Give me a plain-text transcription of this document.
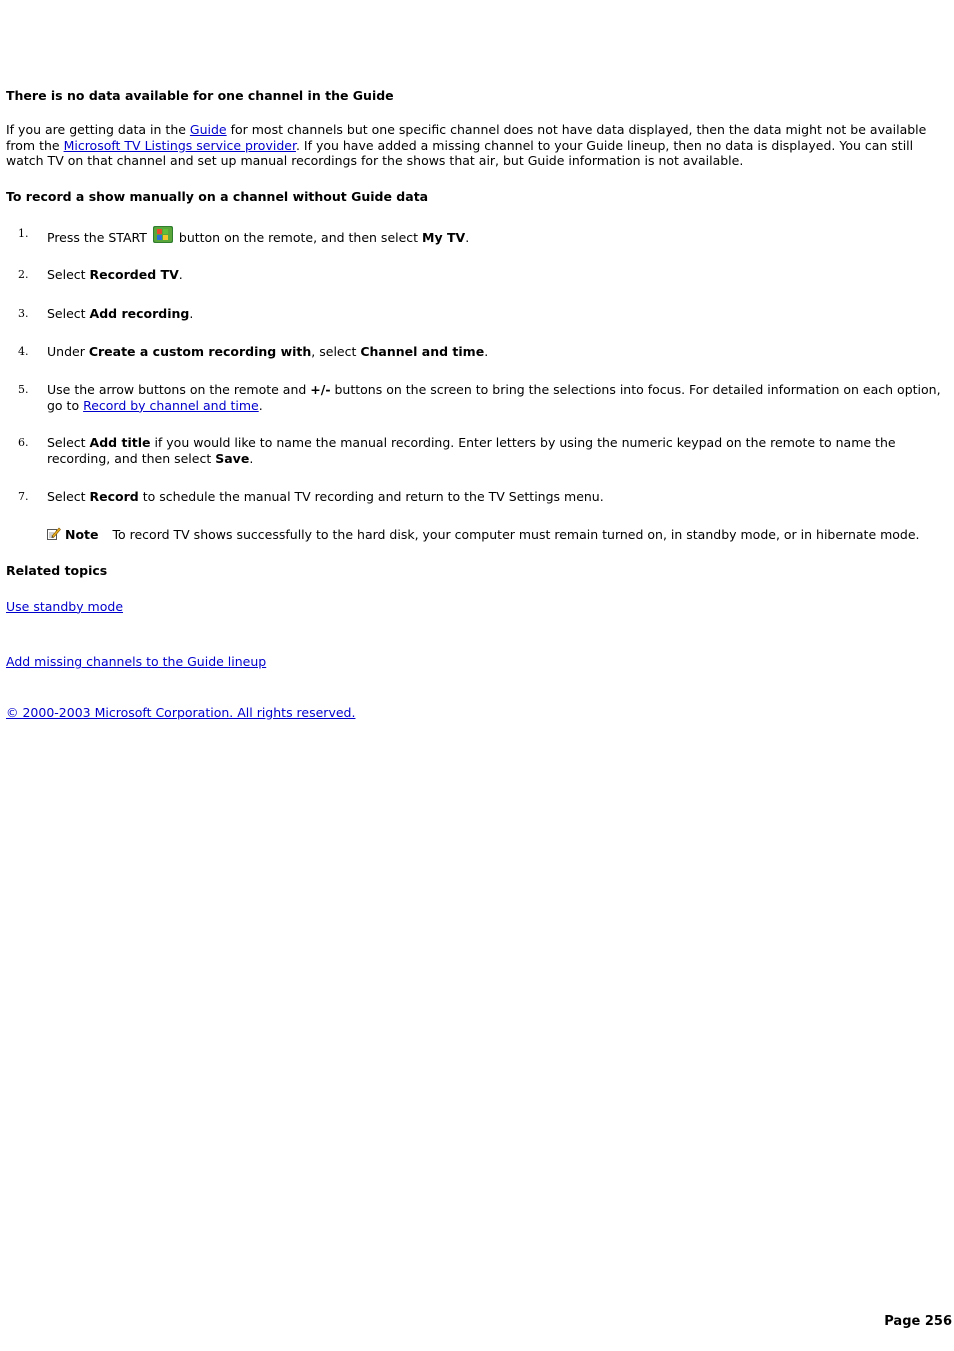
There is no data available for one channel in the Guide

If you are getting data in the Guide for most channels but one specific channel does not have data displayed, then the data might not be available from the Microsoft TV Listings service provider. If you have added a missing channel to your Guide lineup, then no data is displayed. You can still watch TV on that channel and set up manual recordings for the shows that air, but Guide information is not available.

To record a show manually on a channel without Guide data
1. Press the START  button on the remote, and then select My TV.
2. Select Recorded TV.
3. Select Add recording.
4. Under Create a custom recording with, select Channel and time.
5. Use the arrow buttons on the remote and +/- buttons on the screen to bring the selections into focus. For detailed information on each option, go to Record by channel and time.
6. Select Add title if you would like to name the manual recording. Enter letters by using the numeric keypad on the remote to name the recording, and then select Save.
7. Select Record to schedule the manual TV recording and return to the TV Settings menu.
Note To record TV shows successfully to the hard disk, your computer must remain turned on, in standby mode, or in hibernate mode.
Related topics
Use standby mode
Add missing channels to the Guide lineup
© 2000-2003 Microsoft Corporation. All rights reserved.
Page 256
